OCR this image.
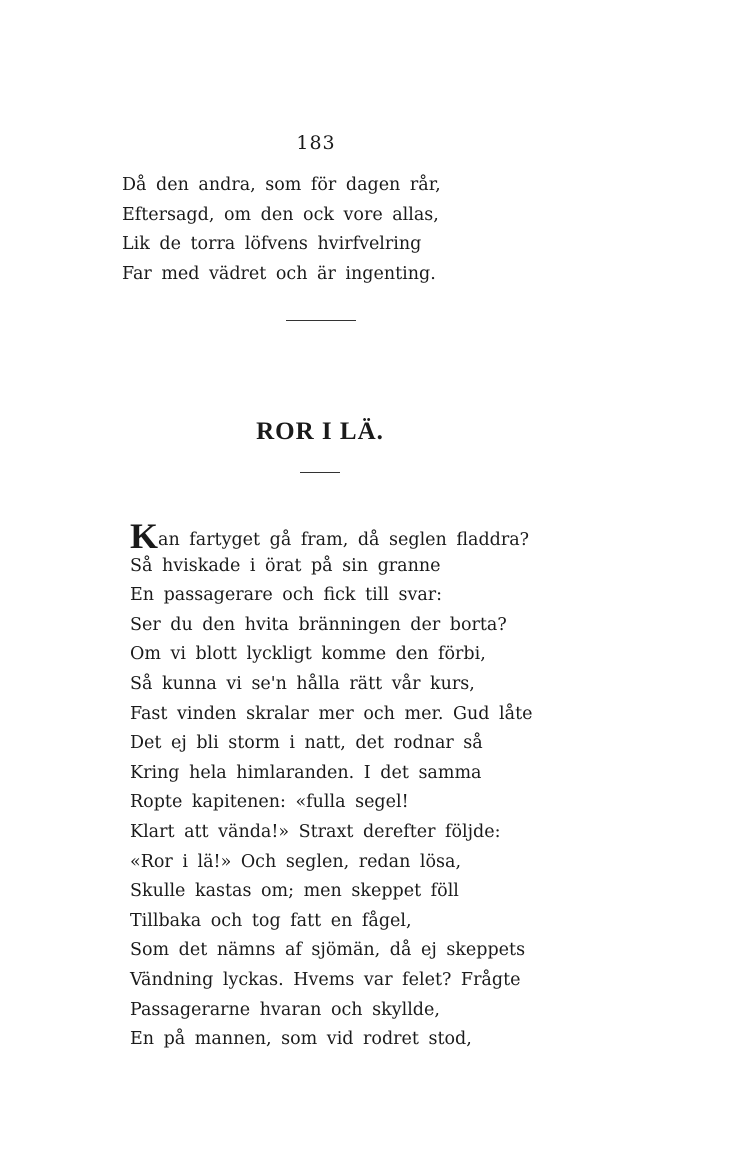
183
Då den andra, som för dagen rår,
Eftersagd, om den ock vore allas,
Lik de torra löfvens hvirfvelring
Far med vädret och är ingenting.
ROR I LÄ.
Kan fartyget gå fram, då seglen fladdra?
Så hviskade i örat på sin granne
En passagerare och fick till svar:
Ser du den hvita bränningen der borta?
Om vi blott lyckligt komme den förbi,
Så kunna vi se'n hålla rätt vår kurs,
Fast vinden skralar mer och mer. Gud låte
Det ej bli storm i natt, det rodnar så
Kring hela himlaranden. I det samma
Ropte kapitenen: «fulla segel!
Klart att vända!» Straxt derefter följde:
«Ror i lä!» Och seglen, redan lösa,
Skulle kastas om; men skeppet föll
Tillbaka och tog fatt en fågel,
Som det nämns af sjömän, då ej skeppets
Vändning lyckas. Hvems var felet? Frågte
Passagerarne hvaran och skyllde,
En på mannen, som vid rodret stod,
